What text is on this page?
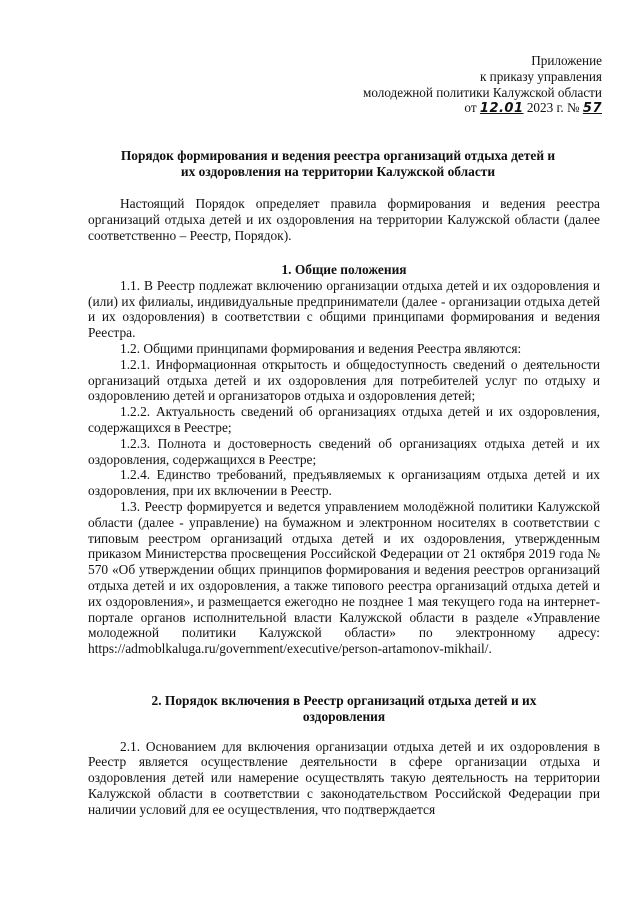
Приложение
к приказу управления
молодежной политики Калужской области
от 12.01 2023 г. № 57
Порядок формирования и ведения реестра организаций отдыха детей и
их оздоровления на территории Калужской области

Настоящий Порядок определяет правила формирования и ведения реестра организаций отдыха детей и их оздоровления на территории Калужской области (далее соответственно – Реестр, Порядок).

1. Общие положения

1.1. В Реестр подлежат включению организации отдыха детей и их оздоровления и (или) их филиалы, индивидуальные предприниматели (далее - организации отдыха детей и их оздоровления) в соответствии с общими принципами формирования и ведения Реестра.

1.2. Общими принципами формирования и ведения Реестра являются:

1.2.1. Информационная открытость и общедоступность сведений о деятельности организаций отдыха детей и их оздоровления для потребителей услуг по отдыху и оздоровлению детей и организаторов отдыха и оздоровления детей;

1.2.2. Актуальность сведений об организациях отдыха детей и их оздоровления, содержащихся в Реестре;

1.2.3. Полнота и достоверность сведений об организациях отдыха детей и их оздоровления, содержащихся в Реестре;

1.2.4. Единство требований, предъявляемых к организациям отдыха детей и их оздоровления, при их включении в Реестр.

1.3. Реестр формируется и ведется управлением молодёжной политики Калужской области (далее - управление) на бумажном и электронном носителях в соответствии с типовым реестром организаций отдыха детей и их оздоровления, утвержденным приказом Министерства просвещения Российской Федерации от 21 октября 2019 года № 570 «Об утверждении общих принципов формирования и ведения реестров организаций отдыха детей и их оздоровления, а также типового реестра организаций отдыха детей и их оздоровления», и размещается ежегодно не позднее 1 мая текущего года на интернет-портале органов исполнительной власти Калужской области в разделе «Управление молодежной политики Калужской области» по электронному адресу: https://admoblkaluga.ru/government/executive/person-artamonov-mikhail/.

2. Порядок включения в Реестр организаций отдыха детей и их

оздоровления

2.1. Основанием для включения организации отдыха детей и их оздоровления в Реестр является осуществление деятельности в сфере организации отдыха и оздоровления детей или намерение осуществлять такую деятельность на территории Калужской области в соответствии с законодательством Российской Федерации при наличии условий для ее осуществления, что подтверждается
